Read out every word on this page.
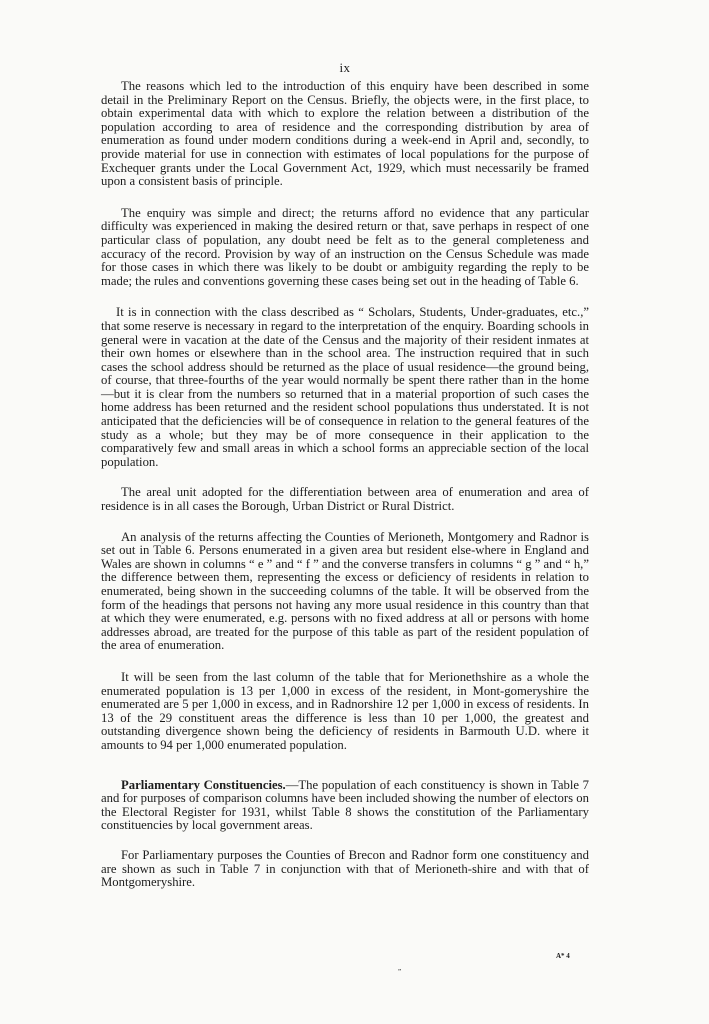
ix

The reasons which led to the introduction of this enquiry have been described in some detail in the Preliminary Report on the Census. Briefly, the objects were, in the first place, to obtain experimental data with which to explore the relation between a distribution of the population according to area of residence and the corresponding distribution by area of enumeration as found under modern conditions during a week-end in April and, secondly, to provide material for use in connection with estimates of local populations for the purpose of Exchequer grants under the Local Government Act, 1929, which must necessarily be framed upon a consistent basis of principle.

The enquiry was simple and direct; the returns afford no evidence that any particular difficulty was experienced in making the desired return or that, save perhaps in respect of one particular class of population, any doubt need be felt as to the general completeness and accuracy of the record. Provision by way of an instruction on the Census Schedule was made for those cases in which there was likely to be doubt or ambiguity regarding the reply to be made; the rules and conventions governing these cases being set out in the heading of Table 6.

It is in connection with the class described as “ Scholars, Students, Under-graduates, etc.,” that some reserve is necessary in regard to the interpretation of the enquiry. Boarding schools in general were in vacation at the date of the Census and the majority of their resident inmates at their own homes or elsewhere than in the school area. The instruction required that in such cases the school address should be returned as the place of usual residence—the ground being, of course, that three-fourths of the year would normally be spent there rather than in the home—but it is clear from the numbers so returned that in a material proportion of such cases the home address has been returned and the resident school populations thus understated. It is not anticipated that the deficiencies will be of consequence in relation to the general features of the study as a whole; but they may be of more consequence in their application to the comparatively few and small areas in which a school forms an appreciable section of the local population.

The areal unit adopted for the differentiation between area of enumeration and area of residence is in all cases the Borough, Urban District or Rural District.

An analysis of the returns affecting the Counties of Merioneth, Montgomery and Radnor is set out in Table 6. Persons enumerated in a given area but resident else-where in England and Wales are shown in columns “ e ” and “ f ” and the converse transfers in columns “ g ” and “ h,” the difference between them, representing the excess or deficiency of residents in relation to enumerated, being shown in the succeeding columns of the table. It will be observed from the form of the headings that persons not having any more usual residence in this country than that at which they were enumerated, e.g. persons with no fixed address at all or persons with home addresses abroad, are treated for the purpose of this table as part of the resident population of the area of enumeration.

It will be seen from the last column of the table that for Merionethshire as a whole the enumerated population is 13 per 1,000 in excess of the resident, in Mont-gomeryshire the enumerated are 5 per 1,000 in excess, and in Radnorshire 12 per 1,000 in excess of residents. In 13 of the 29 constituent areas the difference is less than 10 per 1,000, the greatest and outstanding divergence shown being the deficiency of residents in Barmouth U.D. where it amounts to 94 per 1,000 enumerated population.

Parliamentary Constituencies.—The population of each constituency is shown in Table 7 and for purposes of comparison columns have been included showing the number of electors on the Electoral Register for 1931, whilst Table 8 shows the constitution of the Parliamentary constituencies by local government areas.

For Parliamentary purposes the Counties of Brecon and Radnor form one constituency and are shown as such in Table 7 in conjunction with that of Merioneth-shire and with that of Montgomeryshire.

A* 4
”
